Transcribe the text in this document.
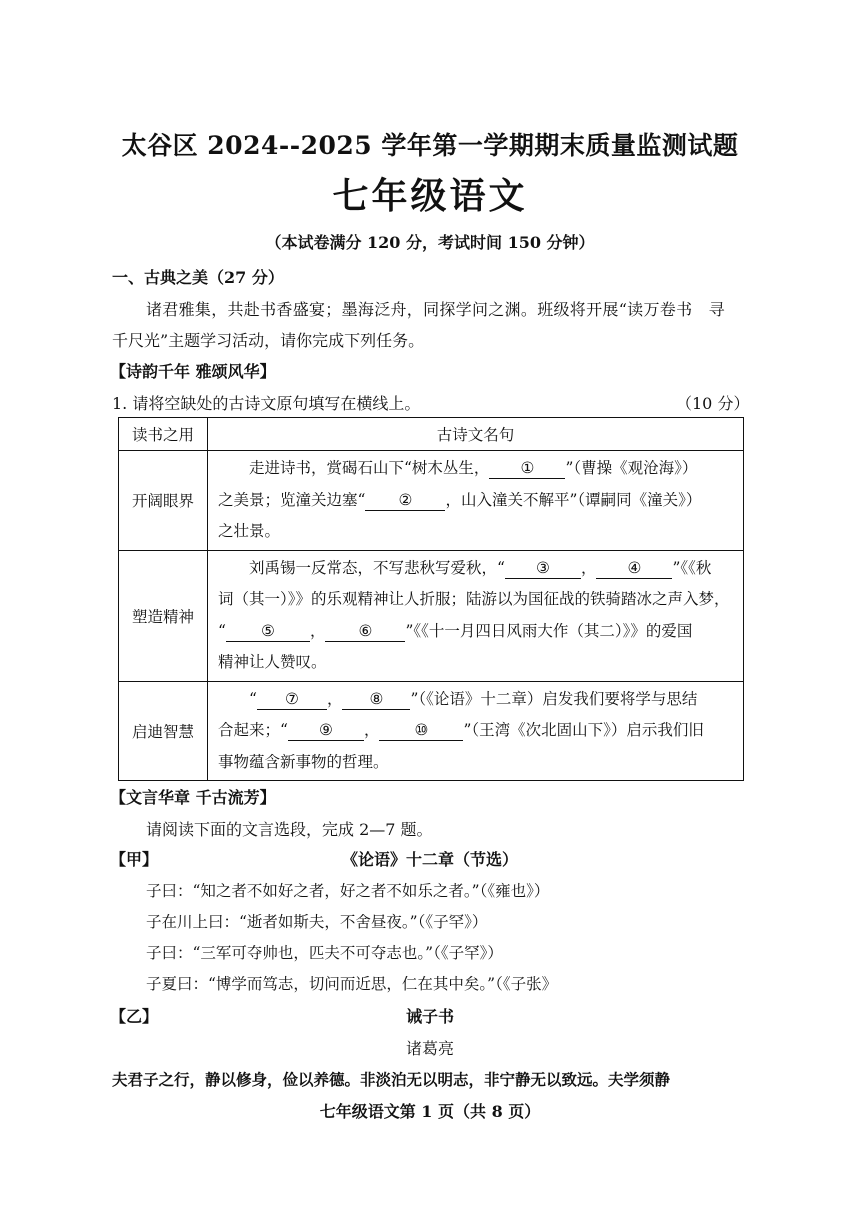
太谷区 2024--2025 学年第一学期期末质量监测试题
七年级语文
（本试卷满分 120 分，考试时间 150 分钟）
一、古典之美（27 分）
诸君雅集，共赴书香盛宴；墨海泛舟，同探学问之渊。班级将开展“读万卷书　寻
千尺光”主题学习活动，请你完成下列任务。
【诗韵千年 雅颂风华】
1. 请将空缺处的古诗文原句填写在横线上。	（10 分）
读书之用	古诗文名句
开阔眼界	走进诗书，赏碣石山下“树木丛生， ① ”（曹操《观沧海》）
之美景；览潼关边塞“ ② ，山入潼关不解平”（谭嗣同《潼关》）
之壮景。
塑造精神	刘禹锡一反常态，不写悲秋写爱秋，“ ③ ， ④ ”《《秋
词（其一）》》的乐观精神让人折服；陆游以为国征战的铁骑踏冰之声入梦，
“ ⑤ ， ⑥ ”《《十一月四日风雨大作（其二）》》的爱国
精神让人赞叹。
启迪智慧	“ ⑦ ， ⑧ ”（《论语》十二章）启发我们要将学与思结
合起来；“ ⑨ ， ⑩ ”（王湾《次北固山下》）启示我们旧
事物蕴含新事物的哲理。
【文言华章 千古流芳】
请阅读下面的文言选段，完成 2—7 题。
【甲】	《论语》十二章（节选）
子曰：“知之者不如好之者，好之者不如乐之者。”（《雍也》）
子在川上曰：“逝者如斯夫，不舍昼夜。”（《子罕》）
子曰：“三军可夺帅也，匹夫不可夺志也。”（《子罕》）
子夏曰：“博学而笃志，切问而近思，仁在其中矣。”（《子张》
【乙】	诫子书
诸葛亮
夫君子之行，静以修身，俭以养德。非淡泊无以明志，非宁静无以致远。夫学须静
七年级语文第 1 页（共 8 页）
